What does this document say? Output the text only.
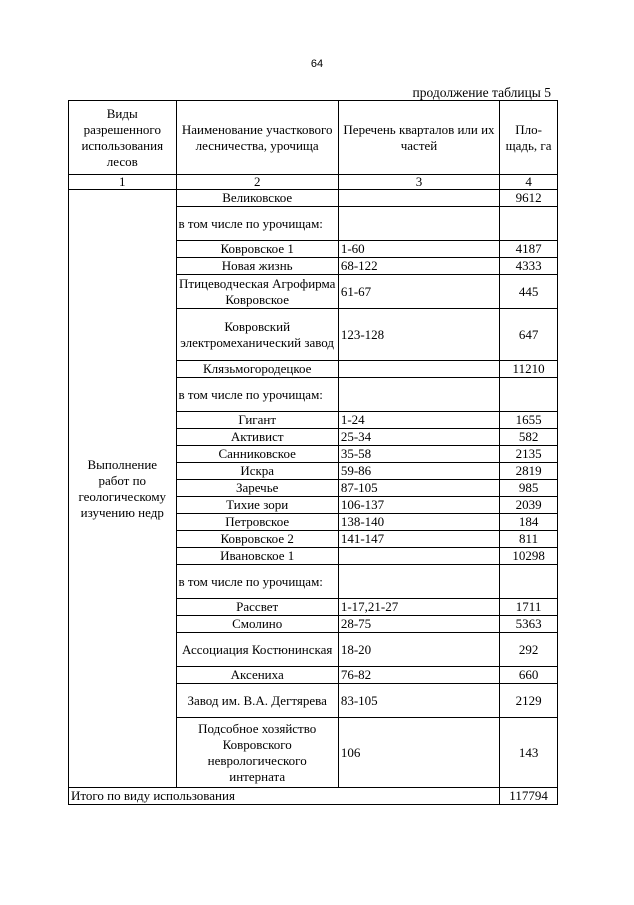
64
продолжение таблицы 5
Виды разрешенного использования лесов	Наименование участкового лесничества, урочища	Перечень кварталов или их частей	Пло-щадь, га
1	2	3	4
Выполнение работ по геологическому изучению недр	Великовское		9612
	в том числе по урочищам:		
	Ковровское 1	1-60	4187
	Новая жизнь	68-122	4333
	Птицеводческая Агрофирма Ковровское	61-67	445
	Ковровский электромеханический завод	123-128	647
	Клязьмогородецкое		11210
	в том числе по урочищам:		
	Гигант	1-24	1655
	Активист	25-34	582
	Санниковское	35-58	2135
	Искра	59-86	2819
	Заречье	87-105	985
	Тихие зори	106-137	2039
	Петровское	138-140	184
	Ковровское 2	141-147	811
	Ивановское 1		10298
	в том числе по урочищам:		
	Рассвет	1-17,21-27	1711
	Смолино	28-75	5363
	Ассоциация Костюнинская	18-20	292
	Аксениха	76-82	660
	Завод им. В.А. Дегтярева	83-105	2129
	Подсобное хозяйство Ковровского неврологического интерната	106	143
Итого по виду использования			117794
